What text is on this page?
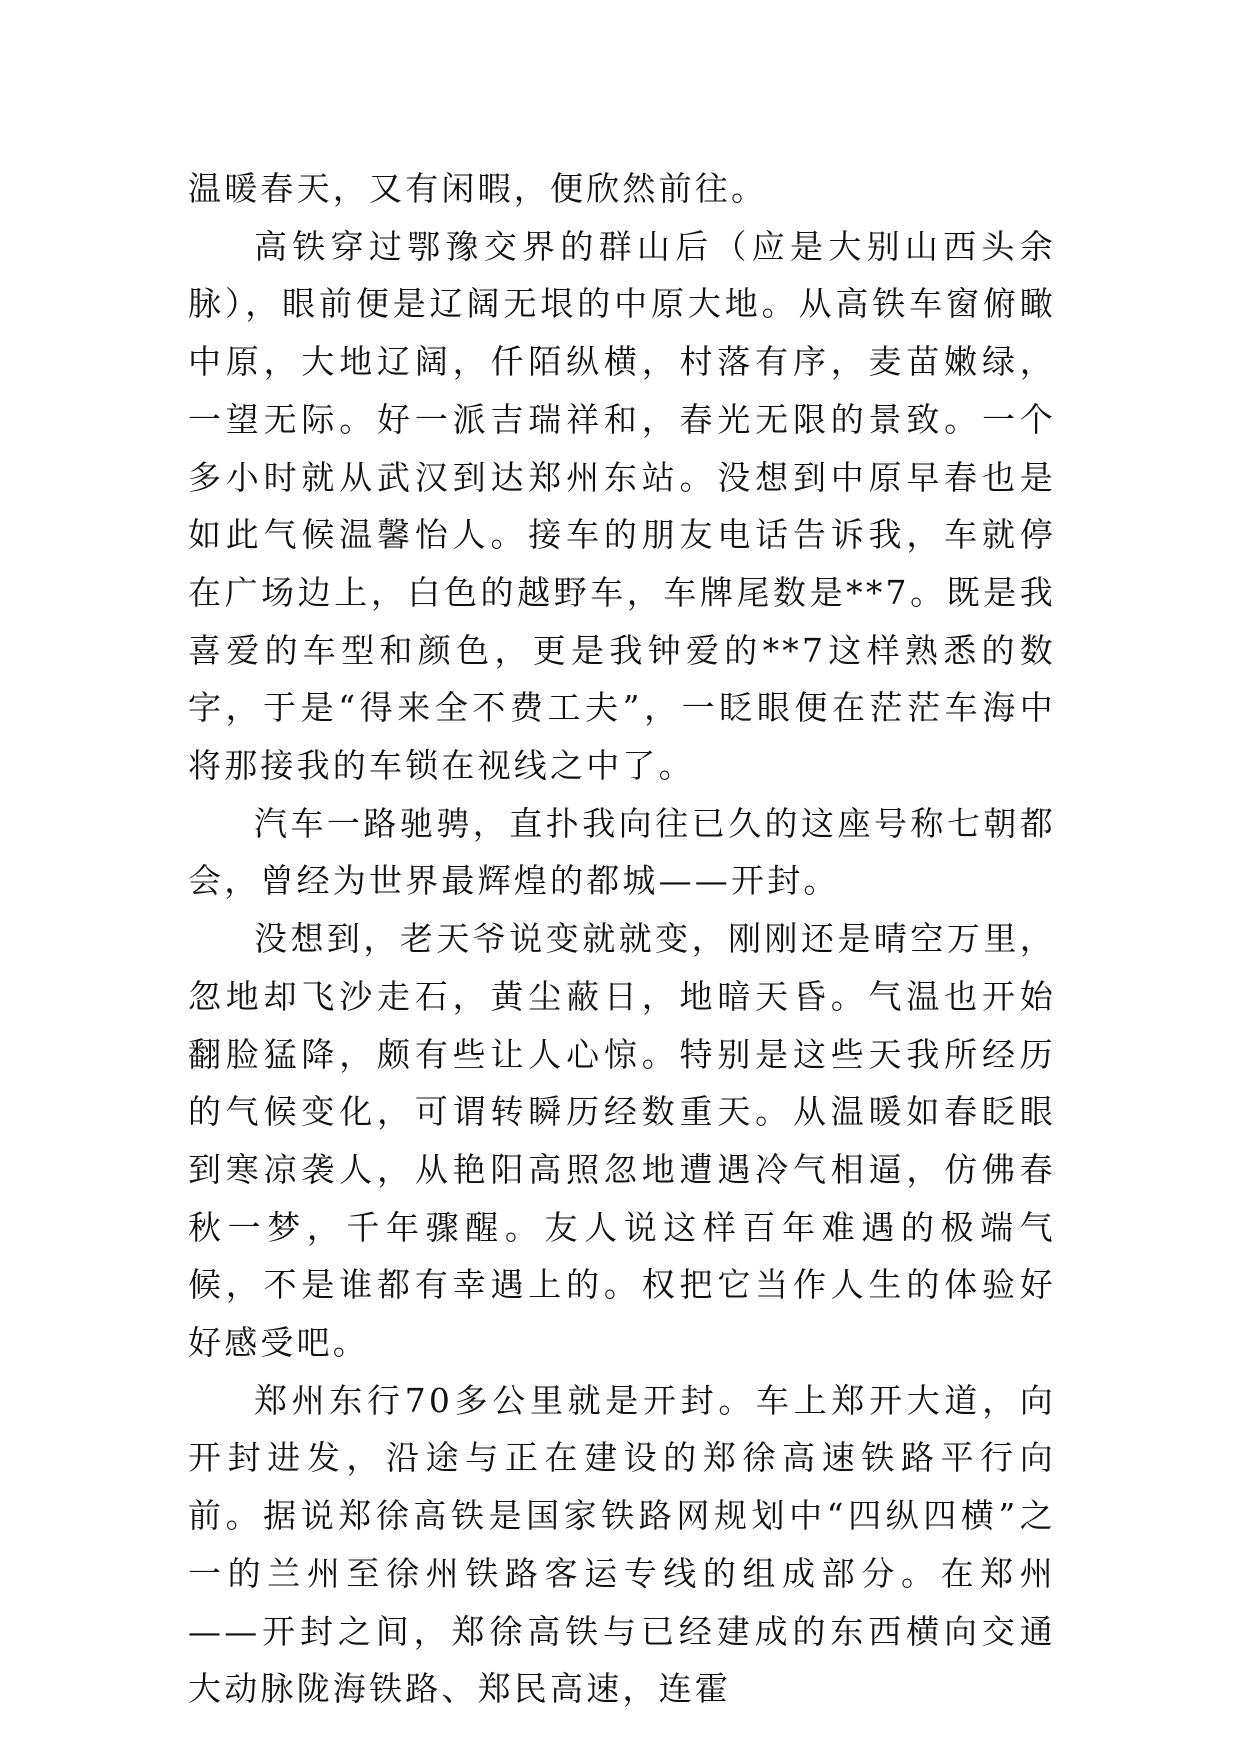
温暖春天，又有闲暇，便欣然前往。

高铁穿过鄂豫交界的群山后（应是大别山西头余脉），眼前便是辽阔无垠的中原大地。从高铁车窗俯瞰中原，大地辽阔，仟陌纵横，村落有序，麦苗嫩绿，一望无际。好一派吉瑞祥和，春光无限的景致。一个多小时就从武汉到达郑州东站。没想到中原早春也是如此气候温馨怡人。接车的朋友电话告诉我，车就停在广场边上，白色的越野车，车牌尾数是**7。既是我喜爱的车型和颜色，更是我钟爱的**7这样熟悉的数字，于是“得来全不费工夫”，一眨眼便在茫茫车海中将那接我的车锁在视线之中了。

汽车一路驰骋，直扑我向往已久的这座号称七朝都会，曾经为世界最辉煌的都城——开封。

没想到，老天爷说变就就变，刚刚还是晴空万里，忽地却飞沙走石，黄尘蔽日，地暗天昏。气温也开始翻脸猛降，颇有些让人心惊。特别是这些天我所经历的气候变化，可谓转瞬历经数重天。从温暖如春眨眼到寒凉袭人，从艳阳高照忽地遭遇冷气相逼，仿佛春秋一梦，千年骤醒。友人说这样百年难遇的极端气候，不是谁都有幸遇上的。权把它当作人生的体验好好感受吧。

郑州东行70多公里就是开封。车上郑开大道，向开封进发，沿途与正在建设的郑徐高速铁路平行向前。据说郑徐高铁是国家铁路网规划中“四纵四横”之一的兰州至徐州铁路客运专线的组成部分。在郑州——开封之间，郑徐高铁与已经建成的东西横向交通大动脉陇海铁路、郑民高速，连霍
